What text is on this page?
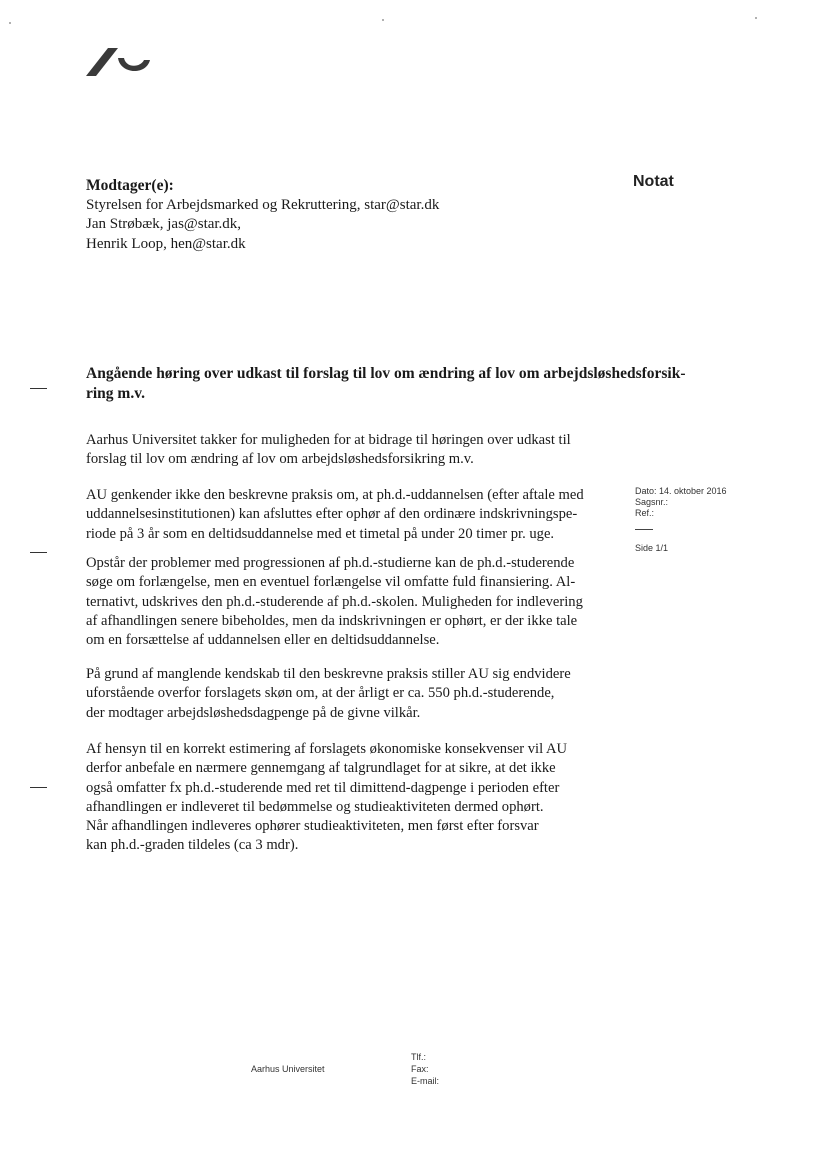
Notat
Modtager(e):
Styrelsen for Arbejdsmarked og Rekruttering, star@star.dk
Jan Strøbæk, jas@star.dk,
Henrik Loop, hen@star.dk
Angående høring over udkast til forslag til lov om ændring af lov om arbejdsløshedsforsik-
ring m.v.
Aarhus Universitet takker for muligheden for at bidrage til høringen over udkast til
forslag til lov om ændring af lov om arbejdsløshedsforsikring m.v.
AU genkender ikke den beskrevne praksis om, at ph.d.-uddannelsen (efter aftale med
uddannelsesinstitutionen) kan afsluttes efter ophør af den ordinære indskrivningspe-
riode på 3 år som en deltidsuddannelse med et timetal på under 20 timer pr. uge.
Opstår der problemer med progressionen af ph.d.-studierne kan de ph.d.-studerende
søge om forlængelse, men en eventuel forlængelse vil omfatte fuld finansiering. Al-
ternativt, udskrives den ph.d.-studerende af ph.d.-skolen. Muligheden for indlevering
af afhandlingen senere bibeholdes, men da indskrivningen er ophørt, er der ikke tale
om en forsættelse af uddannelsen eller en deltidsuddannelse.
På grund af manglende kendskab til den beskrevne praksis stiller AU sig endvidere
uforstående overfor forslagets skøn om, at der årligt er ca. 550 ph.d.-studerende,
der modtager arbejdsløshedsdagpenge på de givne vilkår.
Af hensyn til en korrekt estimering af forslagets økonomiske konsekvenser vil AU
derfor anbefale en nærmere gennemgang af talgrundlaget for at sikre, at det ikke
også omfatter fx ph.d.-studerende med ret til dimittend-dagpenge i perioden efter
afhandlingen er indleveret til bedømmelse og studieaktiviteten dermed ophørt.
Når afhandlingen indleveres ophører studieaktiviteten, men først efter forsvar
kan ph.d.-graden tildeles (ca 3 mdr).
Dato: 14. oktober 2016
Sagsnr.:
Ref.:
Side 1/1
Aarhus Universitet
Tlf.:
Fax:
E-mail:
